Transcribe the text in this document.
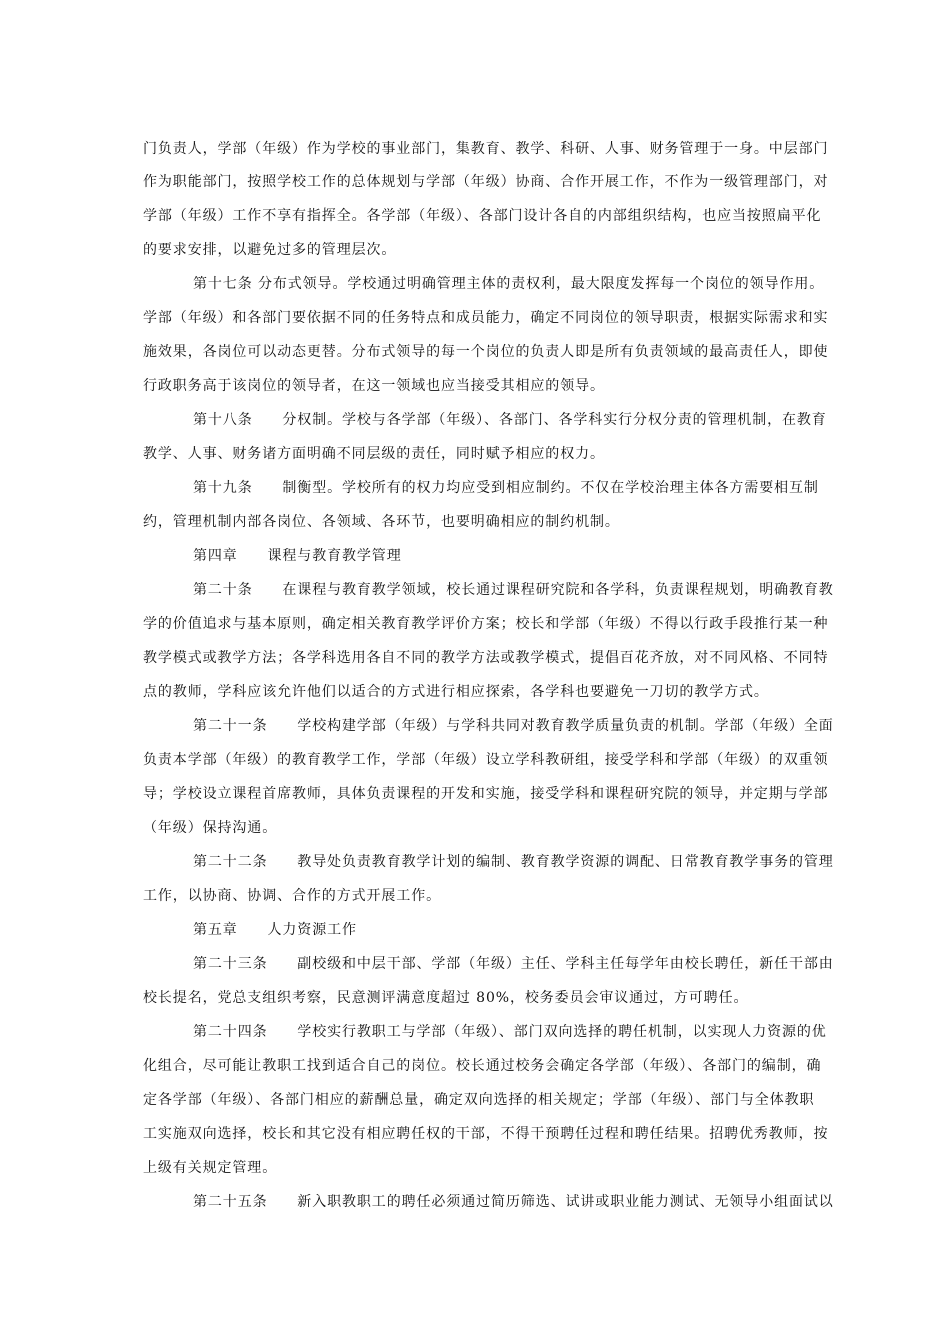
门负责人，学部（年级）作为学校的事业部门，集教育、教学、科研、人事、财务管理于一身。中层部门
作为职能部门，按照学校工作的总体规划与学部（年级）协商、合作开展工作，不作为一级管理部门，对
学部（年级）工作不享有指挥全。各学部（年级）、各部门设计各自的内部组织结构，也应当按照扁平化
的要求安排，以避免过多的管理层次。
第十七条 分布式领导。学校通过明确管理主体的责权利，最大限度发挥每一个岗位的领导作用。
学部（年级）和各部门要依据不同的任务特点和成员能力，确定不同岗位的领导职责，根据实际需求和实
施效果，各岗位可以动态更替。分布式领导的每一个岗位的负责人即是所有负责领域的最高责任人，即使
行政职务高于该岗位的领导者，在这一领域也应当接受其相应的领导。
第十八条　　分权制。学校与各学部（年级）、各部门、各学科实行分权分责的管理机制，在教育
教学、人事、财务诸方面明确不同层级的责任，同时赋予相应的权力。
第十九条　　制衡型。学校所有的权力均应受到相应制约。不仅在学校治理主体各方需要相互制
约，管理机制内部各岗位、各领域、各环节，也要明确相应的制约机制。
第四章　　课程与教育教学管理
第二十条　　在课程与教育教学领域，校长通过课程研究院和各学科，负责课程规划，明确教育教
学的价值追求与基本原则，确定相关教育教学评价方案；校长和学部（年级）不得以行政手段推行某一种
教学模式或教学方法；各学科选用各自不同的教学方法或教学模式，提倡百花齐放，对不同风格、不同特
点的教师，学科应该允许他们以适合的方式进行相应探索，各学科也要避免一刀切的教学方式。
第二十一条　　学校构建学部（年级）与学科共同对教育教学质量负责的机制。学部（年级）全面
负责本学部（年级）的教育教学工作，学部（年级）设立学科教研组，接受学科和学部（年级）的双重领
导；学校设立课程首席教师，具体负责课程的开发和实施，接受学科和课程研究院的领导，并定期与学部
（年级）保持沟通。
第二十二条　　教导处负责教育教学计划的编制、教育教学资源的调配、日常教育教学事务的管理
工作，以协商、协调、合作的方式开展工作。
第五章　　人力资源工作
第二十三条　　副校级和中层干部、学部（年级）主任、学科主任每学年由校长聘任，新任干部由
校长提名，党总支组织考察，民意测评满意度超过 80%，校务委员会审议通过，方可聘任。
第二十四条　　学校实行教职工与学部（年级）、部门双向选择的聘任机制，以实现人力资源的优
化组合，尽可能让教职工找到适合自己的岗位。校长通过校务会确定各学部（年级）、各部门的编制，确
定各学部（年级）、各部门相应的薪酬总量，确定双向选择的相关规定；学部（年级）、部门与全体教职
工实施双向选择，校长和其它没有相应聘任权的干部，不得干预聘任过程和聘任结果。招聘优秀教师，按
上级有关规定管理。
第二十五条　　新入职教职工的聘任必须通过简历筛选、试讲或职业能力测试、无领导小组面试以
